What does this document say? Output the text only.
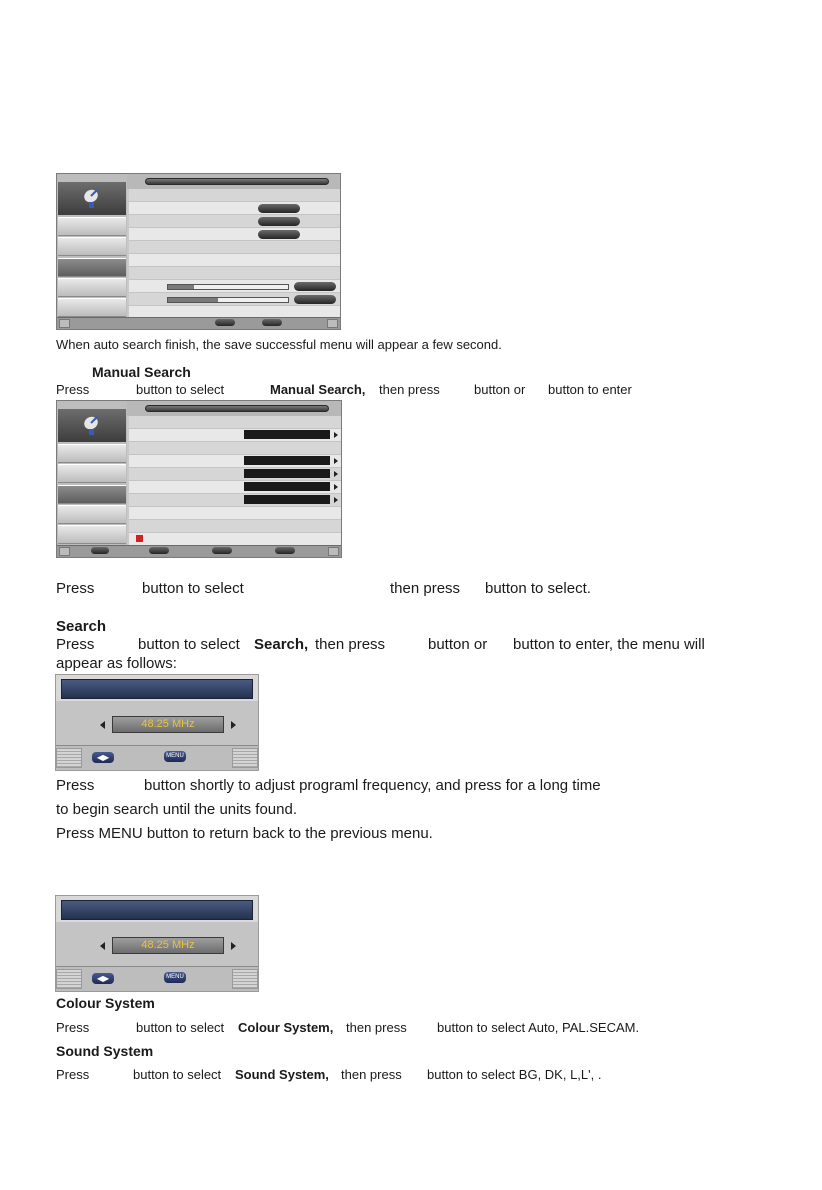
When auto search finish, the save successful menu will appear a few second.
Manual Search
Press	button to select	Manual Search, then press	button or button to enter
Press	button to select	then press button to select.
Search
Press	button to select Search, then press	button or button to enter, the menu will
appear as follows:
48.25 MHz
◀▶	MENU
Press	button shortly to adjust programl frequency, and press for a long time
to begin search until the units found.
Press MENU button to return back to the previous menu.
48.25 MHz
◀▶	MENU
Colour System
Press	button to select Colour System, then press button to select Auto, PAL.SECAM.
Sound System
Press	button to select Sound System, then press button to select BG, DK, L,L', .
